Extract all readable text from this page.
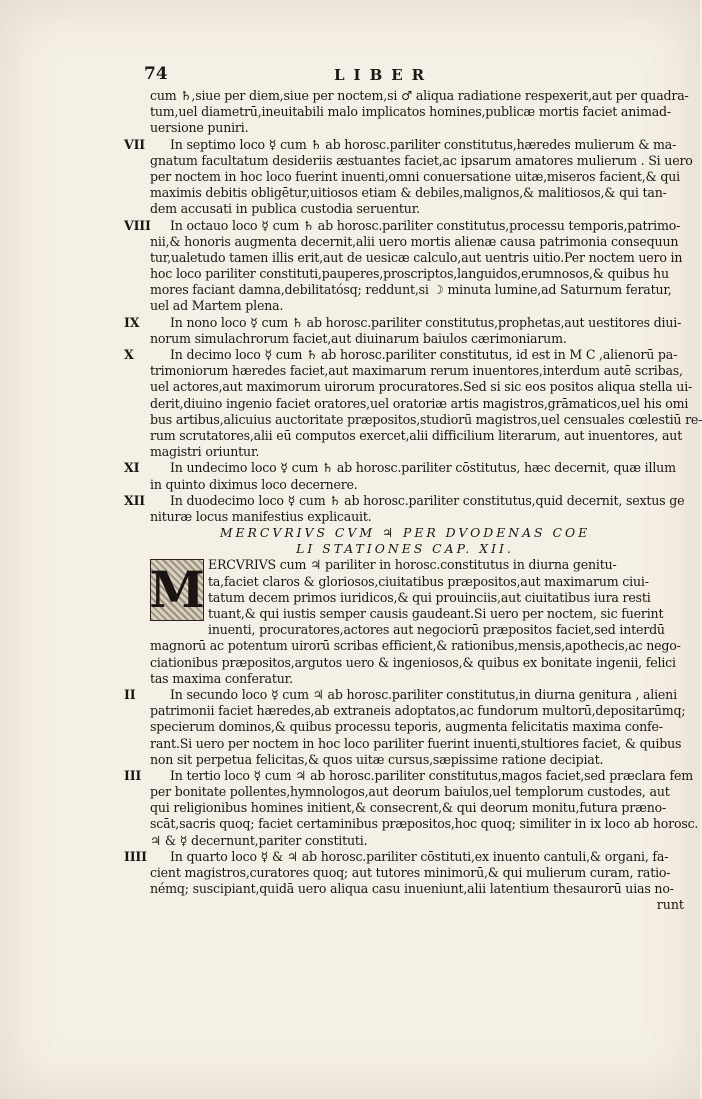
74	LIBER
cum ♄,siue per diem,siue per noctem,si ♂ aliqua radiatione respexerit,aut per quadra-
tum,uel diametrū,ineuitabili malo implicatos homines,publicæ mortis faciet animad-
uersione puniri.
VII	In septimo loco ☿ cum ♄ ab horosc.pariliter constitutus,hæredes mulierum & ma-
gnatum facultatum desideriis æstuantes faciet,ac ipsarum amatores mulierum . Si uero
per noctem in hoc loco fuerint inuenti,omni conuersatione uitæ,miseros facient,& qui
maximis debitis obligētur,uitiosos etiam & debiles,malignos,& malitiosos,& qui tan-
dem accusati in publica custodia seruentur.
VIII	In octauo loco ☿ cum ♄ ab horosc.pariliter constitutus,processu temporis,patrimo-
nii,& honoris augmenta decernit,alii uero mortis alienæ causa patrimonia consequun
tur,ualetudo tamen illis erit,aut de uesicæ calculo,aut uentris uitio.Per noctem uero in
hoc loco pariliter constituti,pauperes,proscriptos,languidos,erumnosos,& quibus hu
mores faciant damna,debilitatósq; reddunt,si ☽ minuta lumine,ad Saturnum feratur,
uel ad Martem plena.
IX	In nono loco ☿ cum ♄ ab horosc.pariliter constitutus,prophetas,aut uestitores diui-
norum simulachrorum faciet,aut diuinarum baiulos cærimoniarum.
X	In decimo loco ☿ cum ♄ ab horosc.pariliter constitutus, id est in M C ,alienorū pa-
trimoniorum hæredes faciet,aut maximarum rerum inuentores,interdum autē scribas,
uel actores,aut maximorum uirorum procuratores.Sed si sic eos positos aliqua stella ui-
derit,diuino ingenio faciet oratores,uel oratoriæ artis magistros,grāmaticos,uel his omi
bus artibus,alicuius auctoritate præpositos,studiorū magistros,uel censuales cœlestiū re-
rum scrutatores,alii eū computos exercet,alii difficilium literarum, aut inuentores, aut
magistri oriuntur.
XI	In undecimo loco ☿ cum ♄ ab horosc.pariliter cōstitutus, hæc decernit, quæ illum
in quinto diximus loco decernere.
XII	In duodecimo loco ☿ cum ♄ ab horosc.pariliter constitutus,quid decernit, sextus ge
nituræ locus manifestius explicauit.
MERCVRIVS CVM ♃ PER DVODENAS COE
LI STATIONES CAP. XII.
M ERCVRIVS cum ♃ pariliter in horosc.constitutus in diurna genitu-
ta,faciet claros & gloriosos,ciuitatibus præpositos,aut maximarum ciui-
tatum decem primos iuridicos,& qui prouinciis,aut ciuitatibus iura resti
tuant,& qui iustis semper causis gaudeant.Si uero per noctem, sic fuerint
inuenti, procuratores,actores aut negociorū præpositos faciet,sed interdū
magnorū ac potentum uirorū scribas efficient,& rationibus,mensis,apothecis,ac nego-
ciationibus præpositos,argutos uero & ingeniosos,& quibus ex bonitate ingenii, felici
tas maxima conferatur.
II	In secundo loco ☿ cum ♃ ab horosc.pariliter constitutus,in diurna genitura , alieni
patrimonii faciet hæredes,ab extraneis adoptatos,ac fundorum multorū,depositarūmq;
specierum dominos,& quibus processu teporis, augmenta felicitatis maxima confe-
rant.Si uero per noctem in hoc loco pariliter fuerint inuenti,stultiores faciet, & quibus
non sit perpetua felicitas,& quos uitæ cursus,sæpissime ratione decipiat.
III	In tertio loco ☿ cum ♃ ab horosc.pariliter constitutus,magos faciet,sed præclara fem
per bonitate pollentes,hymnologos,aut deorum baiulos,uel templorum custodes, aut
qui religionibus homines initient,& consecrent,& qui deorum monitu,futura præno-
scāt,sacris quoq; faciet certaminibus præpositos,hoc quoq; similiter in ix loco ab horosc.
♃ & ☿ decernunt,pariter constituti.
IIII	In quarto loco ☿ & ♃ ab horosc.pariliter cōstituti,ex inuento cantuli,& organi, fa-
cient magistros,curatores quoq; aut tutores minimorū,& qui mulierum curam, ratio-
némq; suscipiant,quidā uero aliqua casu inueniunt,alii latentium thesaurorū uias no-
runt
